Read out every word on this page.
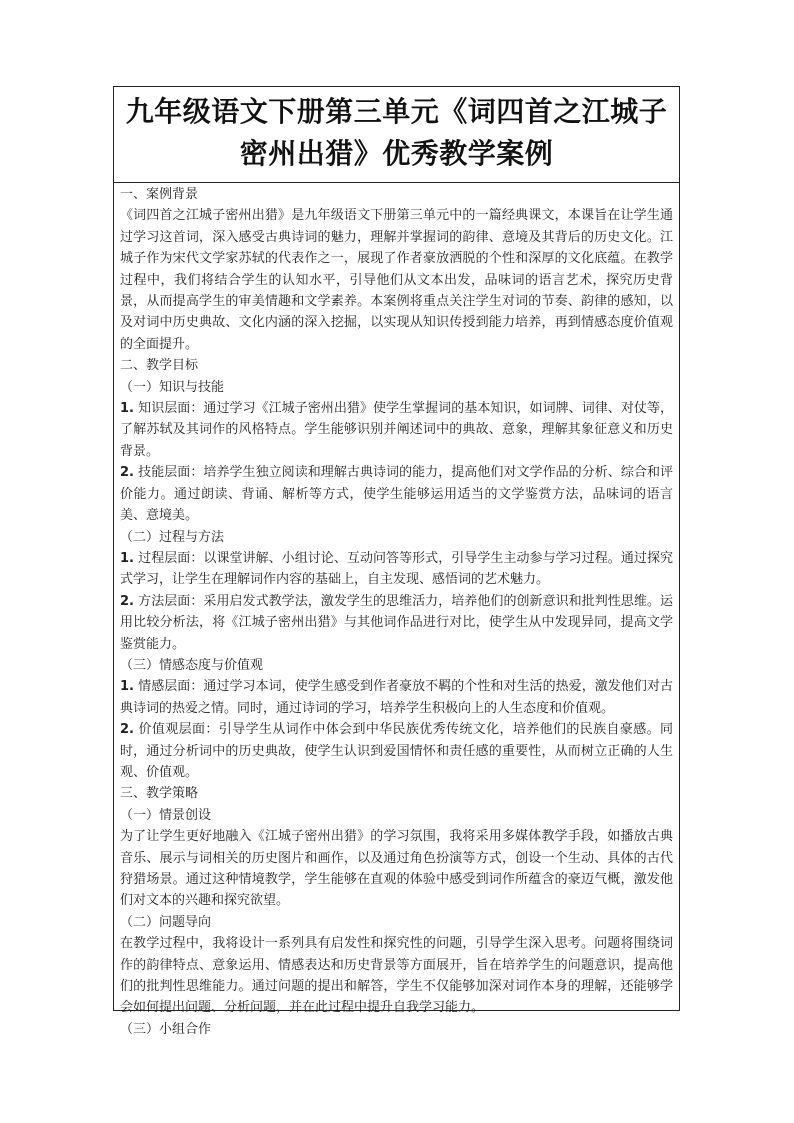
九年级语文下册第三单元《词四首之江城子
密州出猎》优秀教学案例

一、案例背景

《词四首之江城子密州出猎》是九年级语文下册第三单元中的一篇经典课文，本课旨在让学生通过学习这首词，深入感受古典诗词的魅力，理解并掌握词的韵律、意境及其背后的历史文化。江城子作为宋代文学家苏轼的代表作之一，展现了作者豪放洒脱的个性和深厚的文化底蕴。在教学过程中，我们将结合学生的认知水平，引导他们从文本出发，品味词的语言艺术，探究历史背景，从而提高学生的审美情趣和文学素养。本案例将重点关注学生对词的节奏、韵律的感知，以及对词中历史典故、文化内涵的深入挖掘，以实现从知识传授到能力培养，再到情感态度价值观的全面提升。

二、教学目标

（一）知识与技能

1. 知识层面：通过学习《江城子密州出猎》使学生掌握词的基本知识，如词牌、词律、对仗等，了解苏轼及其词作的风格特点。学生能够识别并阐述词中的典故、意象，理解其象征意义和历史背景。

2. 技能层面：培养学生独立阅读和理解古典诗词的能力，提高他们对文学作品的分析、综合和评价能力。通过朗读、背诵、解析等方式，使学生能够运用适当的文学鉴赏方法，品味词的语言美、意境美。

（二）过程与方法

1. 过程层面：以课堂讲解、小组讨论、互动问答等形式，引导学生主动参与学习过程。通过探究式学习，让学生在理解词作内容的基础上，自主发现、感悟词的艺术魅力。

2. 方法层面：采用启发式教学法，激发学生的思维活力，培养他们的创新意识和批判性思维。运用比较分析法，将《江城子密州出猎》与其他词作品进行对比，使学生从中发现异同，提高文学鉴赏能力。

（三）情感态度与价值观

1. 情感层面：通过学习本词，使学生感受到作者豪放不羁的个性和对生活的热爱，激发他们对古典诗词的热爱之情。同时，通过诗词的学习，培养学生积极向上的人生态度和价值观。

2. 价值观层面：引导学生从词作中体会到中华民族优秀传统文化，培养他们的民族自豪感。同时，通过分析词中的历史典故，使学生认识到爱国情怀和责任感的重要性，从而树立正确的人生观、价值观。

三、教学策略

（一）情景创设

为了让学生更好地融入《江城子密州出猎》的学习氛围，我将采用多媒体教学手段，如播放古典音乐、展示与词相关的历史图片和画作，以及通过角色扮演等方式，创设一个生动、具体的古代狩猎场景。通过这种情境教学，学生能够在直观的体验中感受到词作所蕴含的豪迈气概，激发他们对文本的兴趣和探究欲望。

（二）问题导向

在教学过程中，我将设计一系列具有启发性和探究性的问题，引导学生深入思考。问题将围绕词作的韵律特点、意象运用、情感表达和历史背景等方面展开，旨在培养学生的问题意识，提高他们的批判性思维能力。通过问题的提出和解答，学生不仅能够加深对词作本身的理解，还能够学会如何提出问题、分析问题，并在此过程中提升自我学习能力。

（三）小组合作
